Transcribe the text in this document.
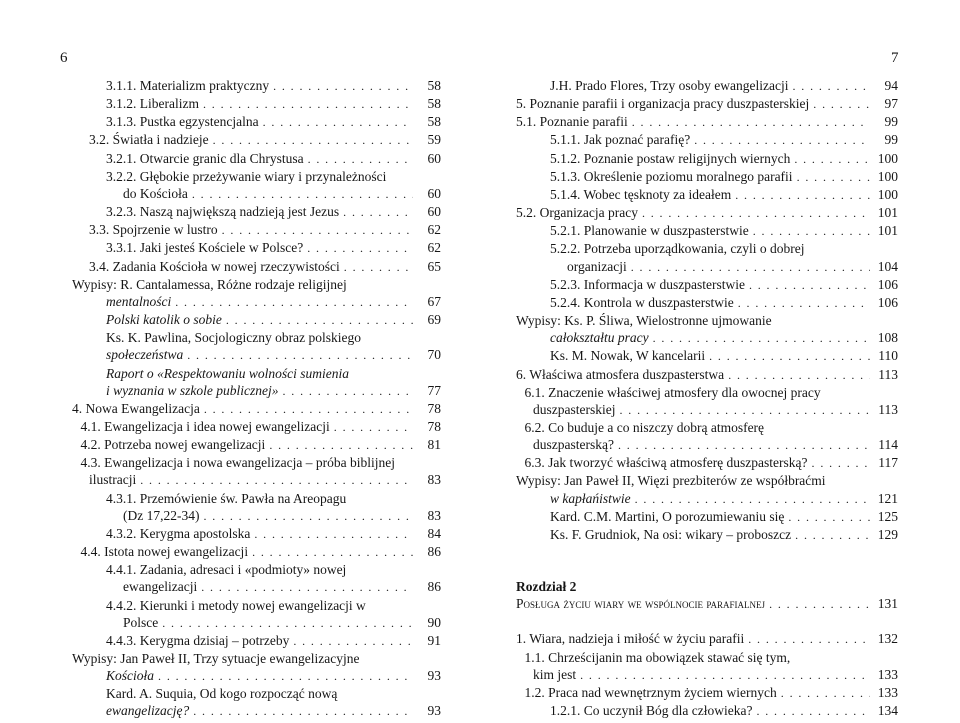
6	7
3.1.1. Materializm praktyczny . . .	58
3.1.2. Liberalizm . . .	58
3.1.3. Pustka egzystencjalna . . .	58
3.2. Światła i nadzieje . . .	59
3.2.1. Otwarcie granic dla Chrystusa . . .	60
3.2.2. Głębokie przeżywanie wiary i przynależności
do Kościoła . . .	60
3.2.3. Naszą największą nadzieją jest Jezus . . .	60
3.3. Spojrzenie w lustro . . .	62
3.3.1. Jaki jesteś Kościele w Polsce? . . .	62
3.4. Zadania Kościoła w nowej rzeczywistości . . .	65
Wypisy: R. Cantalamessa, Różne rodzaje religijnej
mentalności . . .	67
Polski katolik o sobie . . .	69
Ks. K. Pawlina, Socjologiczny obraz polskiego
społeczeństwa . . .	70
Raport o «Respektowaniu wolności sumienia
i wyznania w szkole publicznej» . . .	77
4. Nowa Ewangelizacja . . .	78
4.1. Ewangelizacja i idea nowej ewangelizacji . . .	78
4.2. Potrzeba nowej ewangelizacji . . .	81
4.3. Ewangelizacja i nowa ewangelizacja – próba biblijnej
ilustracji . . .	83
4.3.1. Przemówienie św. Pawła na Areopagu
(Dz 17,22-34) . . .	83
4.3.2. Kerygma apostolska . . .	84
4.4. Istota nowej ewangelizacji . . .	86
4.4.1. Zadania, adresaci i «podmioty» nowej
ewangelizacji . . .	86
4.4.2. Kierunki i metody nowej ewangelizacji w
Polsce . . .	90
4.4.3. Kerygma dzisiaj – potrzeby . . .	91
Wypisy: Jan Paweł II, Trzy sytuacje ewangelizacyjne
Kościoła . . .	93
Kard. A. Suquia, Od kogo rozpocząć nową
ewangelizację? . . .	93
J.H. Prado Flores, Trzy osoby ewangelizacji . . .	94
5. Poznanie parafii i organizacja pracy duszpasterskiej . . .	97
5.1. Poznanie parafii . . .	99
5.1.1. Jak poznać parafię? . . .	99
5.1.2. Poznanie postaw religijnych wiernych . . .	100
5.1.3. Określenie poziomu moralnego parafii . . .	100
5.1.4. Wobec tęsknoty za ideałem . . .	100
5.2. Organizacja pracy . . .	101
5.2.1. Planowanie w duszpasterstwie . . .	101
5.2.2. Potrzeba uporządkowania, czyli o dobrej
organizacji . . .	104
5.2.3. Informacja w duszpasterstwie . . .	106
5.2.4. Kontrola w duszpasterstwie . . .	106
Wypisy: Ks. P. Śliwa, Wielostronne ujmowanie
całokształtu pracy . . .	108
Ks. M. Nowak, W kancelarii . . .	110
6. Właściwa atmosfera duszpasterstwa . . .	113
6.1. Znaczenie właściwej atmosfery dla owocnej pracy
duszpasterskiej . . .	113
6.2. Co buduje a co niszczy dobrą atmosferę
duszpasterską? . . .	114
6.3. Jak tworzyć właściwą atmosferę duszpasterską? . . .	117
Wypisy: Jan Paweł II, Więzi prezbiterów ze współbraćmi
w kapłańistwie . . .	121
Kard. C.M. Martini, O porozumiewaniu się . . .	125
Ks. F. Grudniok, Na osi: wikary – proboszcz . . .	129
Rozdział 2
Posługa życiu wiary we wspólnocie parafialnej . . .	131
1. Wiara, nadzieja i miłość w życiu parafii . . .	132
1.1. Chrześcijanin ma obowiązek stawać się tym,
kim jest . . .	133
1.2. Praca nad wewnętrznym życiem wiernych . . .	133
1.2.1. Co uczynił Bóg dla człowieka? . . .	134
